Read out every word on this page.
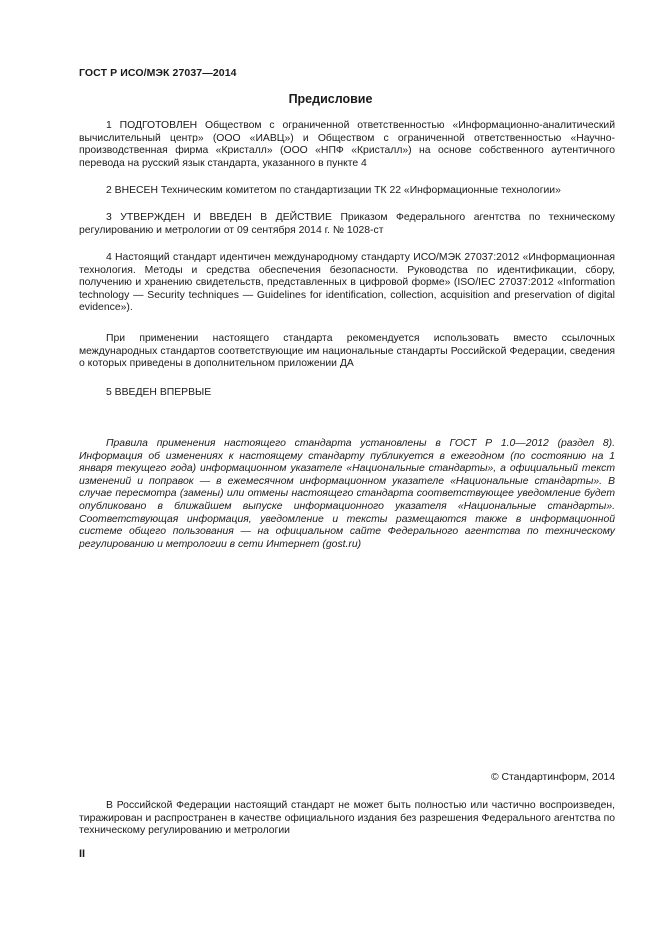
ГОСТ Р ИСО/МЭК 27037—2014
Предисловие

1 ПОДГОТОВЛЕН Обществом с ограниченной ответственностью «Информационно-аналитический вычислительный центр» (ООО «ИАВЦ») и Обществом с ограниченной ответственностью «Научно-производственная фирма «Кристалл» (ООО «НПФ «Кристалл») на основе собственного аутентичного перевода на русский язык стандарта, указанного в пункте 4

2 ВНЕСЕН Техническим комитетом по стандартизации ТК 22 «Информационные технологии»

3 УТВЕРЖДЕН И ВВЕДЕН В ДЕЙСТВИЕ Приказом Федерального агентства по техническому регулированию и метрологии от 09 сентября 2014 г. № 1028-ст

4 Настоящий стандарт идентичен международному стандарту ИСО/МЭК 27037:2012 «Информационная технология. Методы и средства обеспечения безопасности. Руководства по идентификации, сбору, получению и хранению свидетельств, представленных в цифровой форме» (ISO/IEC 27037:2012 «Information technology — Security techniques — Guidelines for identification, collection, acquisition and preservation of digital evidence»).

При применении настоящего стандарта рекомендуется использовать вместо ссылочных международных стандартов соответствующие им национальные стандарты Российской Федерации, сведения о которых приведены в дополнительном приложении ДА

5 ВВЕДЕН ВПЕРВЫЕ

Правила применения настоящего стандарта установлены в ГОСТ Р 1.0—2012 (раздел 8). Информация об изменениях к настоящему стандарту публикуется в ежегодном (по состоянию на 1 января текущего года) информационном указателе «Национальные стандарты», а официальный текст изменений и поправок — в ежемесячном информационном указателе «Национальные стандарты». В случае пересмотра (замены) или отмены настоящего стандарта соответствующее уведомление будет опубликовано в ближайшем выпуске информационного указателя «Национальные стандарты». Соответствующая информация, уведомление и тексты размещаются также в информационной системе общего пользования — на официальном сайте Федерального агентства по техническому регулированию и метрологии в сети Интернет (gost.ru)

© Стандартинформ, 2014

В Российской Федерации настоящий стандарт не может быть полностью или частично воспроизведен, тиражирован и распространен в качестве официального издания без разрешения Федерального агентства по техническому регулированию и метрологии

II
